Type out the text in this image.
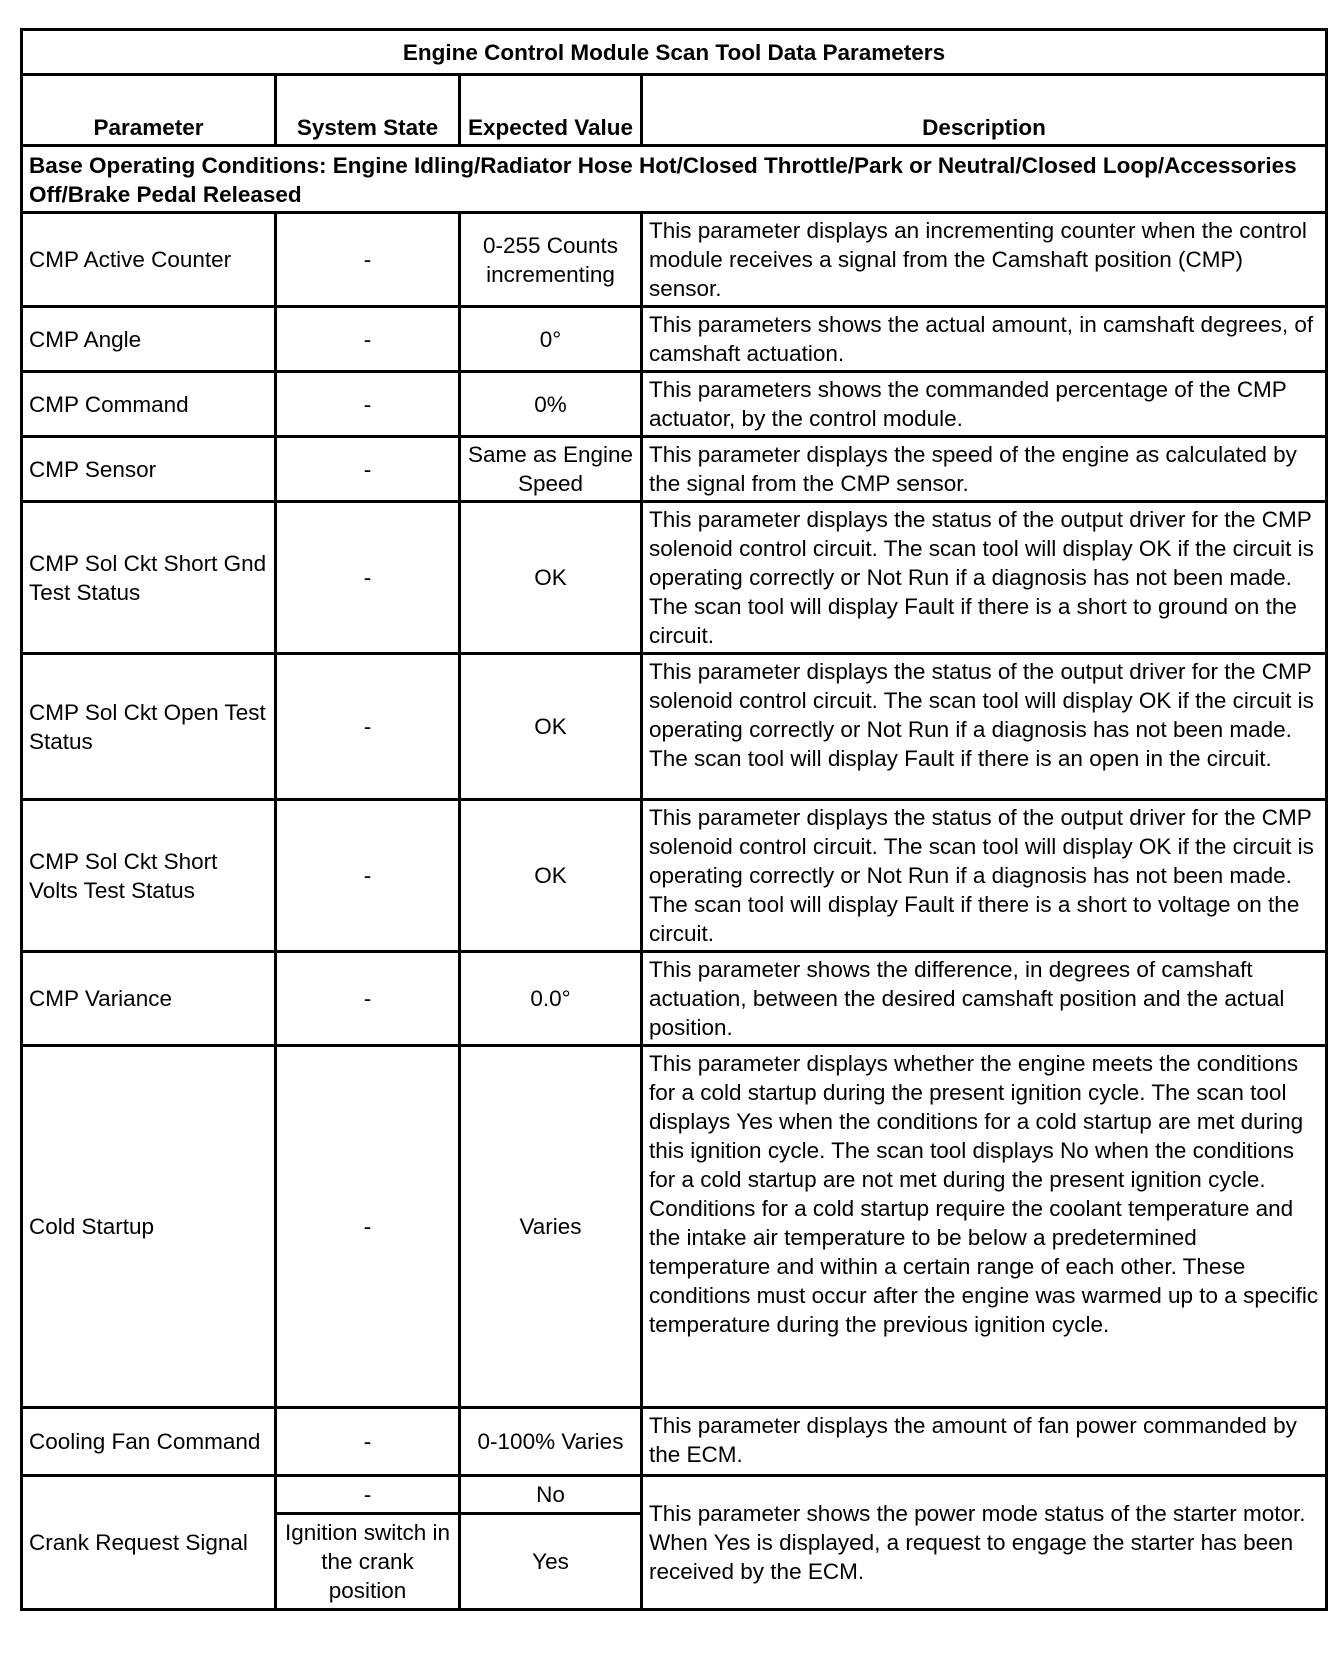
Engine Control Module Scan Tool Data Parameters			
Parameter	System State	Expected Value	Description
Base Operating Conditions: Engine Idling/Radiator Hose Hot/Closed Throttle/Park or Neutral/Closed Loop/Accessories Off/Brake Pedal Released			
CMP Active Counter	-	0-255 Counts incrementing	This parameter displays an incrementing counter when the control module receives a signal from the Camshaft position (CMP) sensor.
CMP Angle	-	0°	This parameters shows the actual amount, in camshaft degrees, of camshaft actuation.
CMP Command	-	0%	This parameters shows the commanded percentage of the CMP actuator, by the control module.
CMP Sensor	-	Same as Engine Speed	This parameter displays the speed of the engine as calculated by the signal from the CMP sensor.
CMP Sol Ckt Short Gnd Test Status	-	OK	This parameter displays the status of the output driver for the CMP solenoid control circuit. The scan tool will display OK if the circuit is operating correctly or Not Run if a diagnosis has not been made. The scan tool will display Fault if there is a short to ground on the circuit.
CMP Sol Ckt Open Test Status	-	OK	This parameter displays the status of the output driver for the CMP solenoid control circuit. The scan tool will display OK if the circuit is operating correctly or Not Run if a diagnosis has not been made. The scan tool will display Fault if there is an open in the circuit.
CMP Sol Ckt Short Volts Test Status	-	OK	This parameter displays the status of the output driver for the CMP solenoid control circuit. The scan tool will display OK if the circuit is operating correctly or Not Run if a diagnosis has not been made. The scan tool will display Fault if there is a short to voltage on the circuit.
CMP Variance	-	0.0°	This parameter shows the difference, in degrees of camshaft actuation, between the desired camshaft position and the actual position.
Cold Startup	-	Varies	This parameter displays whether the engine meets the conditions for a cold startup during the present ignition cycle. The scan tool displays Yes when the conditions for a cold startup are met during this ignition cycle. The scan tool displays No when the conditions for a cold startup are not met during the present ignition cycle. Conditions for a cold startup require the coolant temperature and the intake air temperature to be below a predetermined temperature and within a certain range of each other. These conditions must occur after the engine was warmed up to a specific temperature during the previous ignition cycle.
Cooling Fan Command	-	0-100% Varies	This parameter displays the amount of fan power commanded by the ECM.
Crank Request Signal	-	No	This parameter shows the power mode status of the starter motor. When Yes is displayed, a request to engage the starter has been received by the ECM.
	Ignition switch in the crank position	Yes	
